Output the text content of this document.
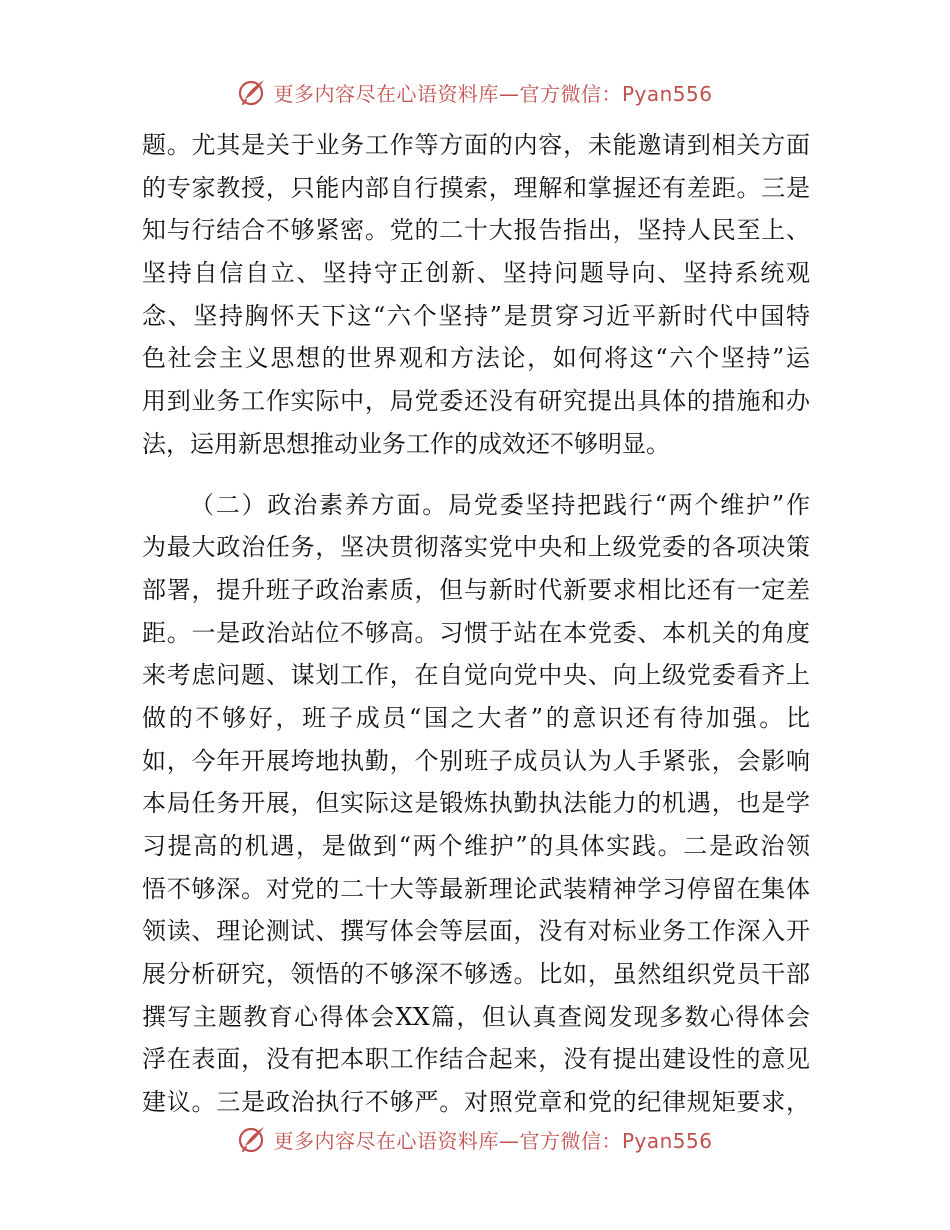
更多内容尽在心语资料库—官方微信：Pyan556
题。尤其是关于业务工作等方面的内容，未能邀请到相关方面
的专家教授，只能内部自行摸索，理解和掌握还有差距。三是
知与行结合不够紧密。党的二十大报告指出，坚持人民至上、
坚持自信自立、坚持守正创新、坚持问题导向、坚持系统观
念、坚持胸怀天下这“六个坚持”是贯穿习近平新时代中国特
色社会主义思想的世界观和方法论，如何将这“六个坚持”运
用到业务工作实际中，局党委还没有研究提出具体的措施和办
法，运用新思想推动业务工作的成效还不够明显。
（二）政治素养方面。局党委坚持把践行“两个维护”作
为最大政治任务，坚决贯彻落实党中央和上级党委的各项决策
部署，提升班子政治素质，但与新时代新要求相比还有一定差
距。一是政治站位不够高。习惯于站在本党委、本机关的角度
来考虑问题、谋划工作，在自觉向党中央、向上级党委看齐上
做的不够好，班子成员“国之大者”的意识还有待加强。比
如，今年开展垮地执勤，个别班子成员认为人手紧张，会影响
本局任务开展，但实际这是锻炼执勤执法能力的机遇，也是学
习提高的机遇，是做到“两个维护”的具体实践。二是政治领
悟不够深。对党的二十大等最新理论武装精神学习停留在集体
领读、理论测试、撰写体会等层面，没有对标业务工作深入开
展分析研究，领悟的不够深不够透。比如，虽然组织党员干部
撰写主题教育心得体会XX篇，但认真查阅发现多数心得体会
浮在表面，没有把本职工作结合起来，没有提出建设性的意见
建议。三是政治执行不够严。对照党章和党的纪律规矩要求，
更多内容尽在心语资料库—官方微信：Pyan556
